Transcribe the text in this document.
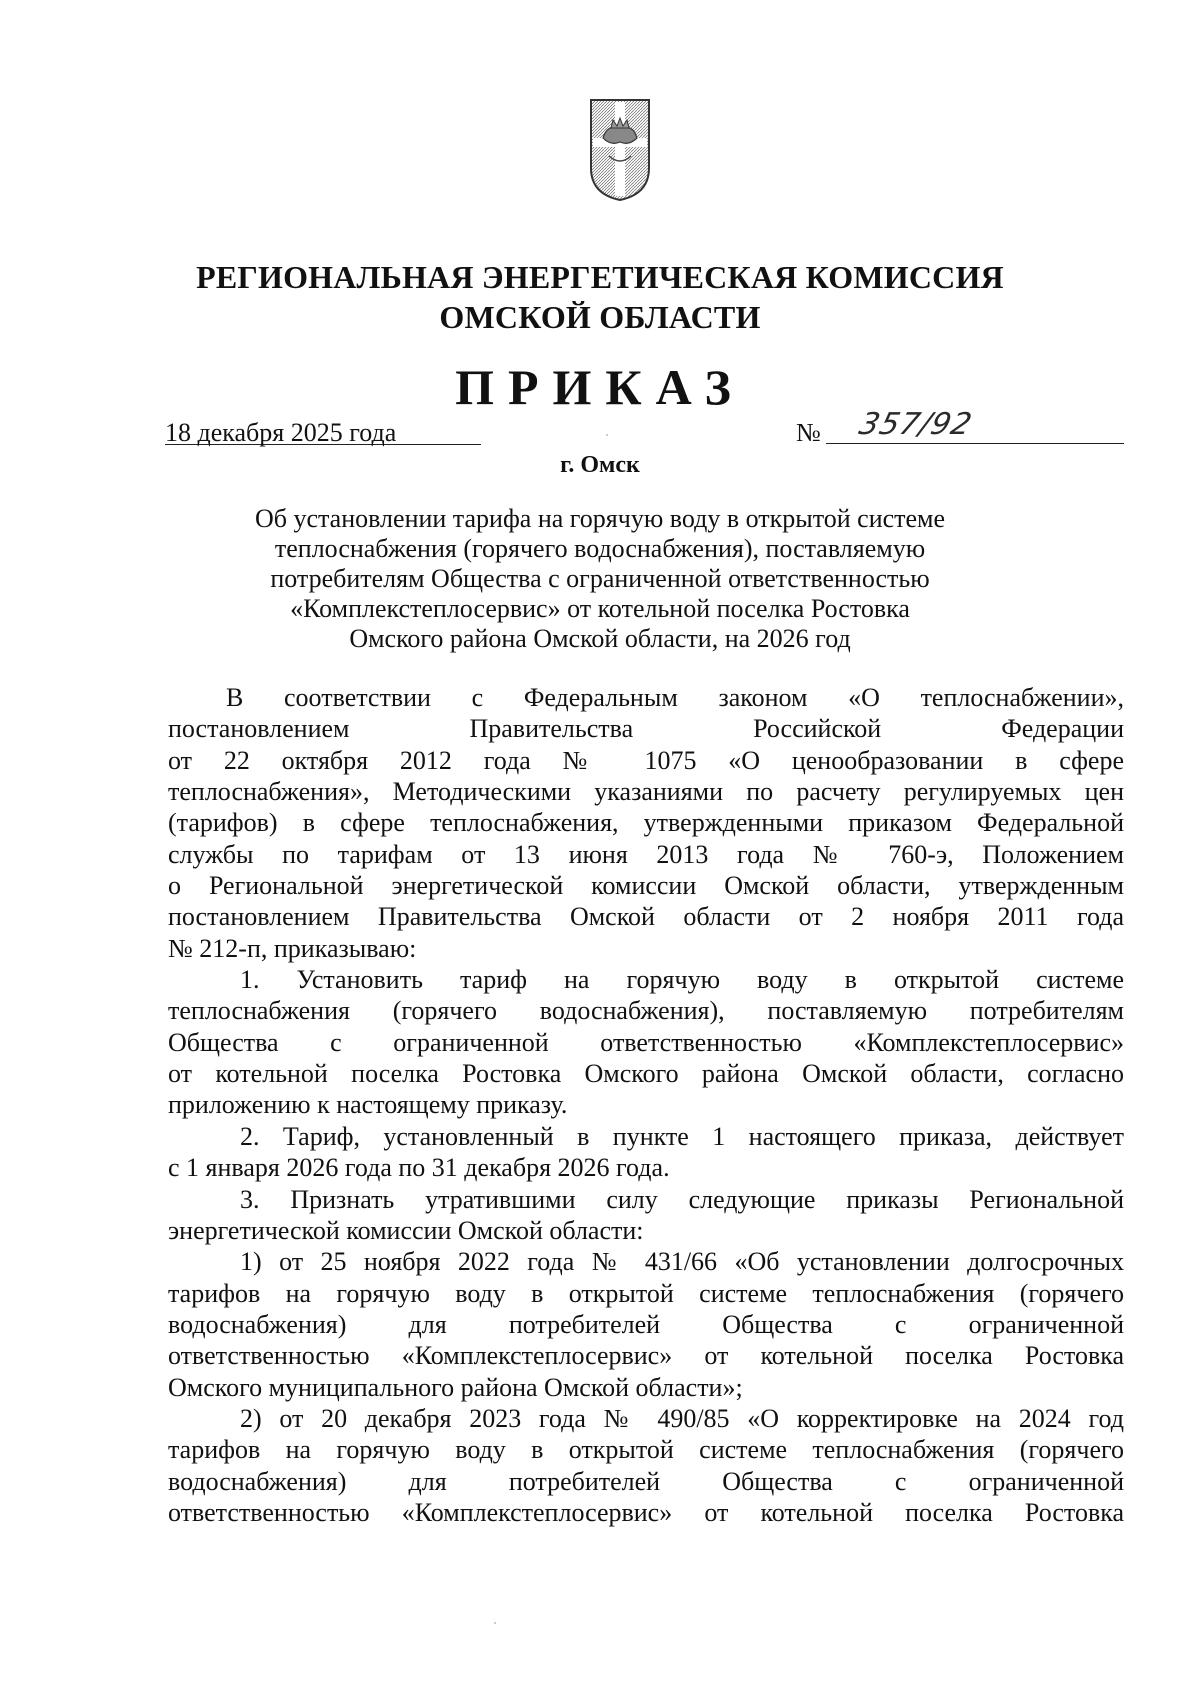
РЕГИОНАЛЬНАЯ ЭНЕРГЕТИЧЕСКАЯ КОМИССИЯ
ОМСКОЙ ОБЛАСТИ
ПРИКАЗ
18 декабря 2025 года	№ 357/92
г. Омск
Об установлении тарифа на горячую воду в открытой системе
теплоснабжения (горячего водоснабжения), поставляемую
потребителям Общества с ограниченной ответственностью
«Комплекстеплосервис» от котельной поселка Ростовка
Омского района Омской области, на 2026 год
В соответствии с Федеральным законом «О теплоснабжении»,
постановлением Правительства Российской Федерации
от 22 октября 2012 года № 1075 «О ценообразовании в сфере
теплоснабжения», Методическими указаниями по расчету регулируемых цен
(тарифов) в сфере теплоснабжения, утвержденными приказом Федеральной
службы по тарифам от 13 июня 2013 года № 760-э, Положением
о Региональной энергетической комиссии Омской области, утвержденным
постановлением Правительства Омской области от 2 ноября 2011 года
№ 212-п, приказываю:
1. Установить тариф на горячую воду в открытой системе
теплоснабжения (горячего водоснабжения), поставляемую потребителям
Общества с ограниченной ответственностью «Комплекстеплосервис»
от котельной поселка Ростовка Омского района Омской области, согласно
приложению к настоящему приказу.
2. Тариф, установленный в пункте 1 настоящего приказа, действует
с 1 января 2026 года по 31 декабря 2026 года.
3. Признать утратившими силу следующие приказы Региональной
энергетической комиссии Омской области:
1) от 25 ноября 2022 года № 431/66 «Об установлении долгосрочных
тарифов на горячую воду в открытой системе теплоснабжения (горячего
водоснабжения) для потребителей Общества с ограниченной
ответственностью «Комплекстеплосервис» от котельной поселка Ростовка
Омского муниципального района Омской области»;
2) от 20 декабря 2023 года № 490/85 «О корректировке на 2024 год
тарифов на горячую воду в открытой системе теплоснабжения (горячего
водоснабжения) для потребителей Общества с ограниченной
ответственностью «Комплекстеплосервис» от котельной поселка Ростовка
